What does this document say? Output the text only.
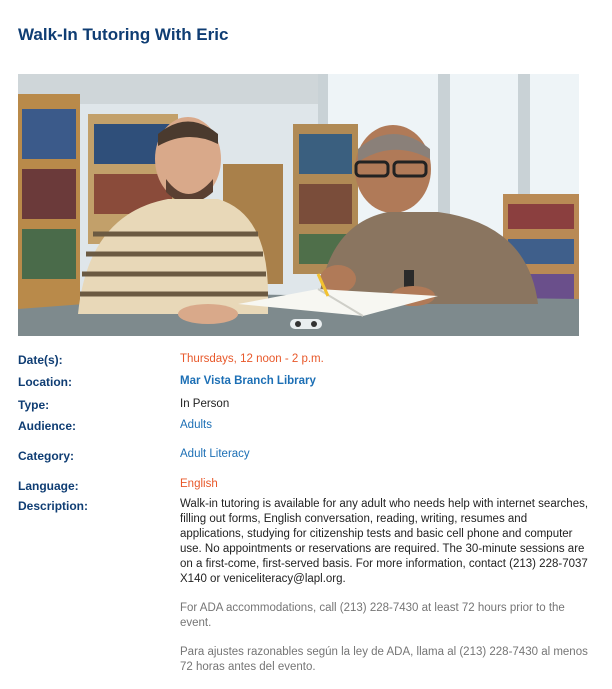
Walk-In Tutoring With Eric
Date(s):	Thursdays, 12 noon - 2 p.m.
Location:	Mar Vista Branch Library
Type:	In Person
Audience:	Adults
Category:	Adult Literacy
Language:	English
Description:	Walk-in tutoring is available for any adult who needs help with internet searches, filling out forms, English conversation, reading, writing, resumes and applications, studying for citizenship tests and basic cell phone and computer use. No appointments or reservations are required. The 30-minute sessions are on a first-come, first-served basis. For more information, contact (213) 228-7037 X140 or veniceliteracy@lapl.org.

For ADA accommodations, call (213) 228-7430 at least 72 hours prior to the event.

Para ajustes razonables según la ley de ADA, llama al (213) 228-7430 al menos 72 horas antes del evento.
